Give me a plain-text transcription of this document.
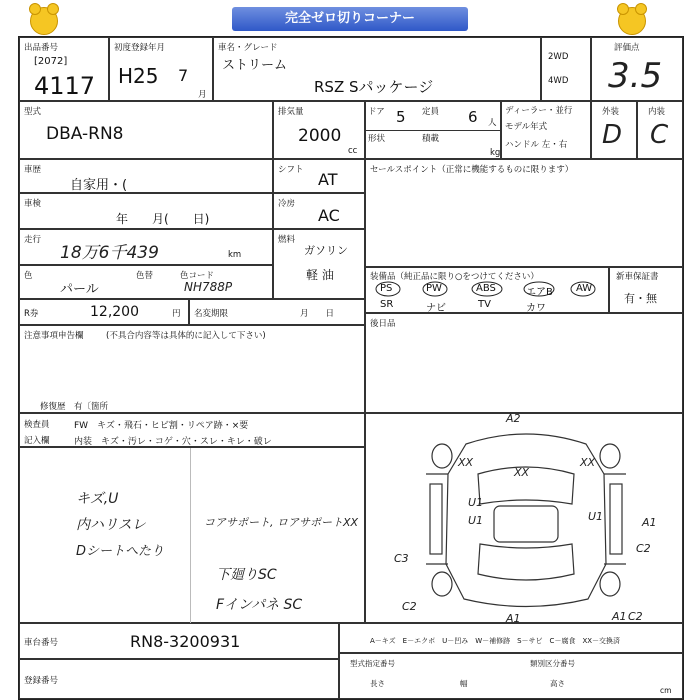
完全ゼロ切りコーナー
出品番号
[2072]
4117
初度登録年月
H25 7
月
車名・グレード
ストリーム
RSZ Sパッケージ
2WD
4WD
評価点
3.5
型式
DBA-RN8
排気量
2000
cc
ドア 5 定員 6 人
形状	積載
kg
ディーラー・並行
モデル年式
ハンドル 左・右
外装
D
内装
C
車歴
自家用・(
シフト AT
車検
年　　月(　　日)
冷房
AC
走行
18万6千439	km
燃料
ガソリン
軽 油
色
パール
色替	色コード
NH788P
R券	12,200	円 名変期限	月　　日
注意事項申告欄	(不具合内容等は具体的に記入して下さい)
修復歴　有〔箇所
セールスポイント（正常に機能するものに限ります）
装備品（純正品に限り○をつけてください）
PS	PW	ABS	エアB AW
SR	ナビ	TV	カワ
新車保証書
有・無
後日品
検査員
記入欄
FW　キズ・飛石・ヒビ割・リペア跡・×要
内装　キズ・汚レ・コゲ・穴・スレ・キレ・破レ
キズ,U
内ハリスレ
Dシートへたり
コアサポート, ロアサポートXX
下廻りSC
Fインパネ SC
A2
XX
XX
XX
U1
U1	U1
C3
C2
C2
C2
A1	A1
A1
車台番号	RN8-3200931
登録番号
A－キズ　E－エクボ　U－凹み　W－補修跡　S－サビ　C－腐食　XX－交換済
型式指定番号	類別区分番号
長さ	幅	高さ
cm
